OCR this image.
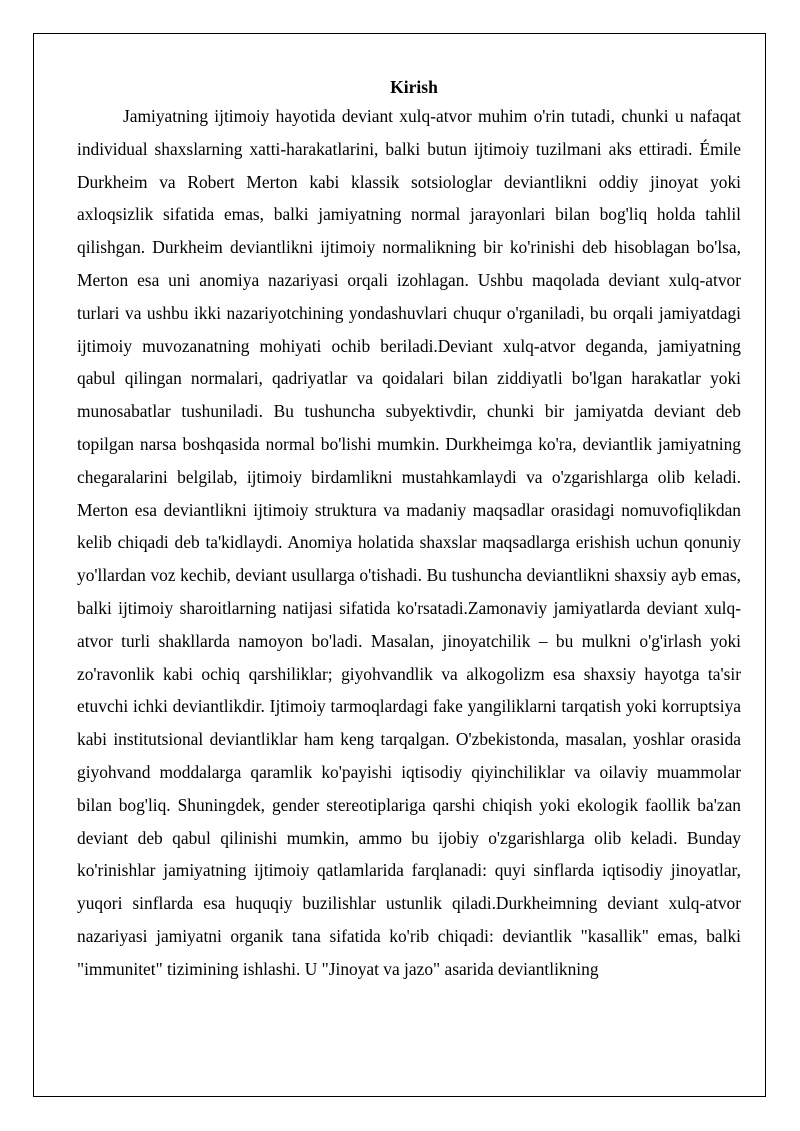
Kirish

Jamiyatning ijtimoiy hayotida deviant xulq-atvor muhim o'rin tutadi, chunki u nafaqat individual shaxslarning xatti-harakatlarini, balki butun ijtimoiy tuzilmani aks ettiradi. Émile Durkheim va Robert Merton kabi klassik sotsiologlar deviantlikni oddiy jinoyat yoki axloqsizlik sifatida emas, balki jamiyatning normal jarayonlari bilan bog'liq holda tahlil qilishgan. Durkheim deviantlikni ijtimoiy normalikning bir ko'rinishi deb hisoblagan bo'lsa, Merton esa uni anomiya nazariyasi orqali izohlagan. Ushbu maqolada deviant xulq-atvor turlari va ushbu ikki nazariyotchining yondashuvlari chuqur o'rganiladi, bu orqali jamiyatdagi ijtimoiy muvozanatning mohiyati ochib beriladi.Deviant xulq-atvor deganda, jamiyatning qabul qilingan normalari, qadriyatlar va qoidalari bilan ziddiyatli bo'lgan harakatlar yoki munosabatlar tushuniladi. Bu tushuncha subyektivdir, chunki bir jamiyatda deviant deb topilgan narsa boshqasida normal bo'lishi mumkin. Durkheimga ko'ra, deviantlik jamiyatning chegaralarini belgilab, ijtimoiy birdamlikni mustahkamlaydi va o'zgarishlarga olib keladi. Merton esa deviantlikni ijtimoiy struktura va madaniy maqsadlar orasidagi nomuvofiqlikdan kelib chiqadi deb ta'kidlaydi. Anomiya holatida shaxslar maqsadlarga erishish uchun qonuniy yo'llardan voz kechib, deviant usullarga o'tishadi. Bu tushuncha deviantlikni shaxsiy ayb emas, balki ijtimoiy sharoitlarning natijasi sifatida ko'rsatadi.Zamonaviy jamiyatlarda deviant xulq-atvor turli shakllarda namoyon bo'ladi. Masalan, jinoyatchilik – bu mulkni o'g'irlash yoki zo'ravonlik kabi ochiq qarshiliklar; giyohvandlik va alkogolizm esa shaxsiy hayotga ta'sir etuvchi ichki deviantlikdir. Ijtimoiy tarmoqlardagi fake yangiliklarni tarqatish yoki korruptsiya kabi institutsional deviantliklar ham keng tarqalgan. O'zbekistonda, masalan, yoshlar orasida giyohvand moddalarga qaramlik ko'payishi iqtisodiy qiyinchiliklar va oilaviy muammolar bilan bog'liq. Shuningdek, gender stereotiplariga qarshi chiqish yoki ekologik faollik ba'zan deviant deb qabul qilinishi mumkin, ammo bu ijobiy o'zgarishlarga olib keladi. Bunday ko'rinishlar jamiyatning ijtimoiy qatlamlarida farqlanadi: quyi sinflarda iqtisodiy jinoyatlar, yuqori sinflarda esa huquqiy buzilishlar ustunlik qiladi.Durkheimning deviant xulq-atvor nazariyasi jamiyatni organik tana sifatida ko'rib chiqadi: deviantlik "kasallik" emas, balki "immunitet" tizimining ishlashi. U "Jinoyat va jazo" asarida deviantlikning
